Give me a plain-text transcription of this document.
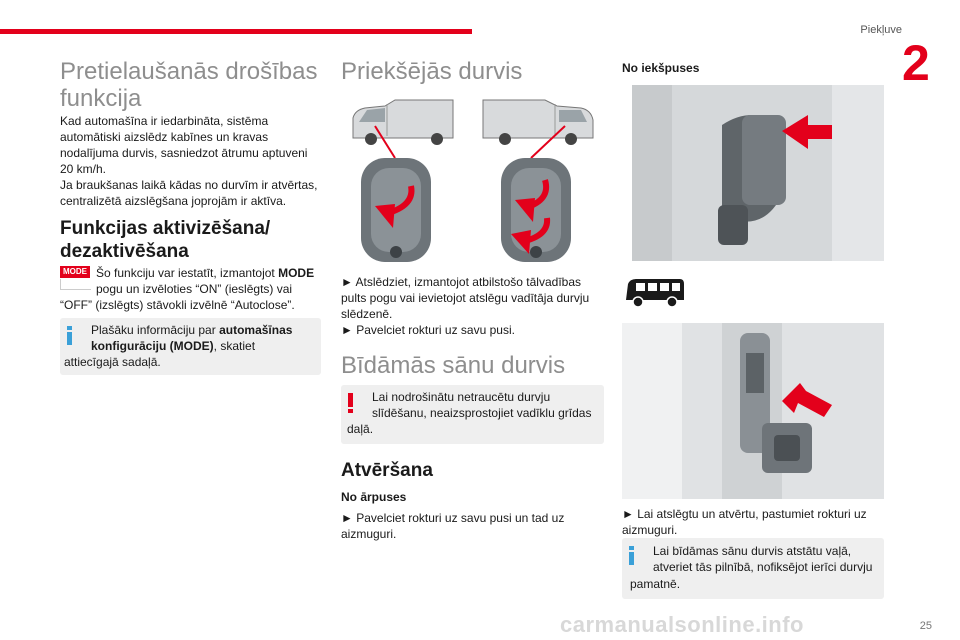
Piekļuve
2
Pretielaušanās drošības
funkcija

Kad automašīna ir iedarbināta, sistēma
automātiski aizslēdz kabīnes un kravas
nodalījuma durvis, sasniedzot ātrumu aptuveni
20 km/h.
Ja braukšanas laikā kādas no durvīm ir atvērtas,
centralizētā aizslēgšana joprojām ir aktīva.

Funkcijas aktivizēšana/
dezaktivēšana
MODE Šo funkciju var iestatīt, izmantojot MODE
pogu un izvēloties “ON” (ieslēgts) vai

“OFF” (izslēgts) stāvokli izvēlnē “Autoclose”.

Plašāku informāciju par automašīnas
konfigurāciju (MODE), skatiet

attiecīgajā sadaļā.

Priekšējās durvis

► Atslēdziet, izmantojot atbilstošo tālvadības
pults pogu vai ievietojot atslēgu vadītāja durvju
slēdzenē.
► Pavelciet rokturi uz savu pusi.

Bīdāmās sānu durvis

Lai nodrošinātu netraucētu durvju
slīdēšanu, neaizsprostojiet vadīklu grīdas

daļā.

Atvēršana

No ārpuses

► Pavelciet rokturi uz savu pusi un tad uz
aizmuguri.

No iekšpuses

► Lai atslēgtu un atvērtu, pastumiet rokturi uz
aizmuguri.

Lai bīdāmas sānu durvis atstātu vaļā,
atveriet tās pilnībā, nofiksējot ierīci durvju

pamatnē.

carmanualsonline.info	25
